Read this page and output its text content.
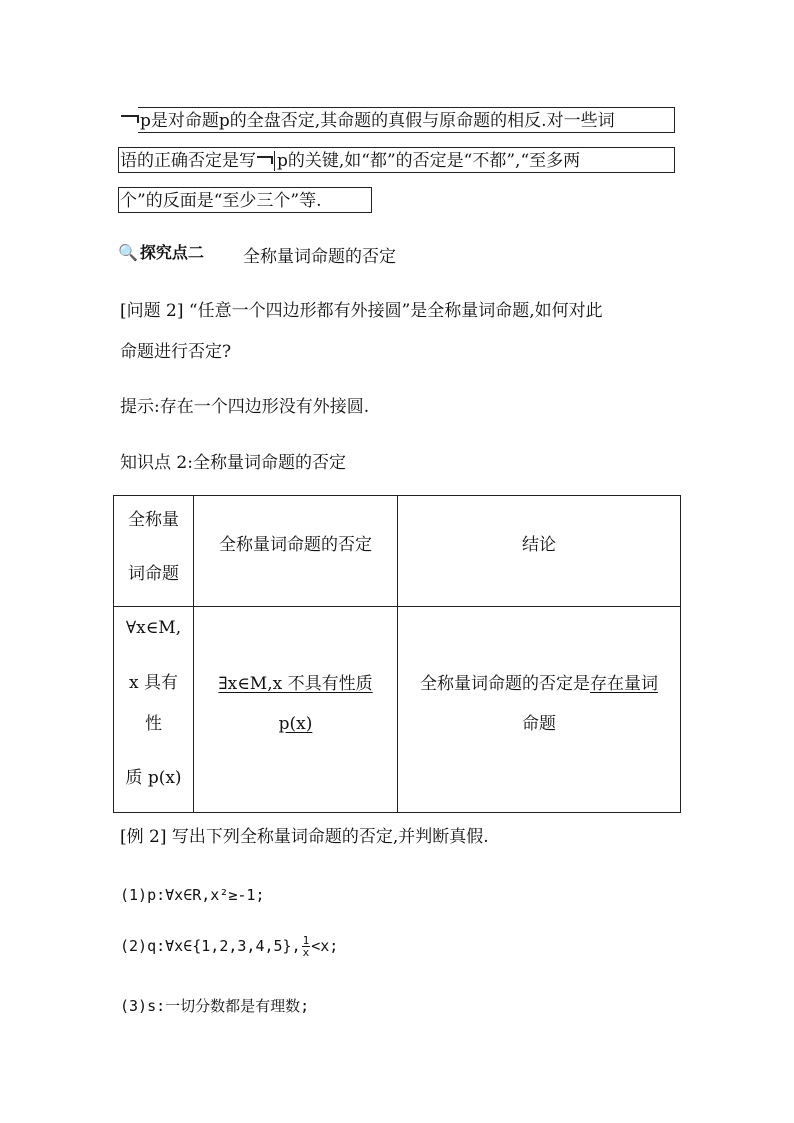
p是对命题p的全盘否定,其命题的真假与原命题的相反.对一些词
语的正确否定是写 p的关键,如“都”的否定是“不都”,“至多两
个”的反面是“至少三个”等.
🔍 探究点二 全称量词命题的否定
[问题 2] “任意一个四边形都有外接圆”是全称量词命题,如何对此
命题进行否定?
提示:存在一个四边形没有外接圆.
知识点 2:全称量词命题的否定
全称量
词命题
全称量词命题的否定	结论
∀x∈M,
x 具有
性
质 p(x)
∃x∈M,x 不具有性质
p(x)
全称量词命题的否定是存在量词
命题
[例 2] 写出下列全称量词命题的否定,并判断真假.
(1)p:∀x∈R,x²≥-1;
(2)q:∀x∈{1,2,3,4,5}, $\frac{1}{x} <x$;
(3)s:一切分数都是有理数;
